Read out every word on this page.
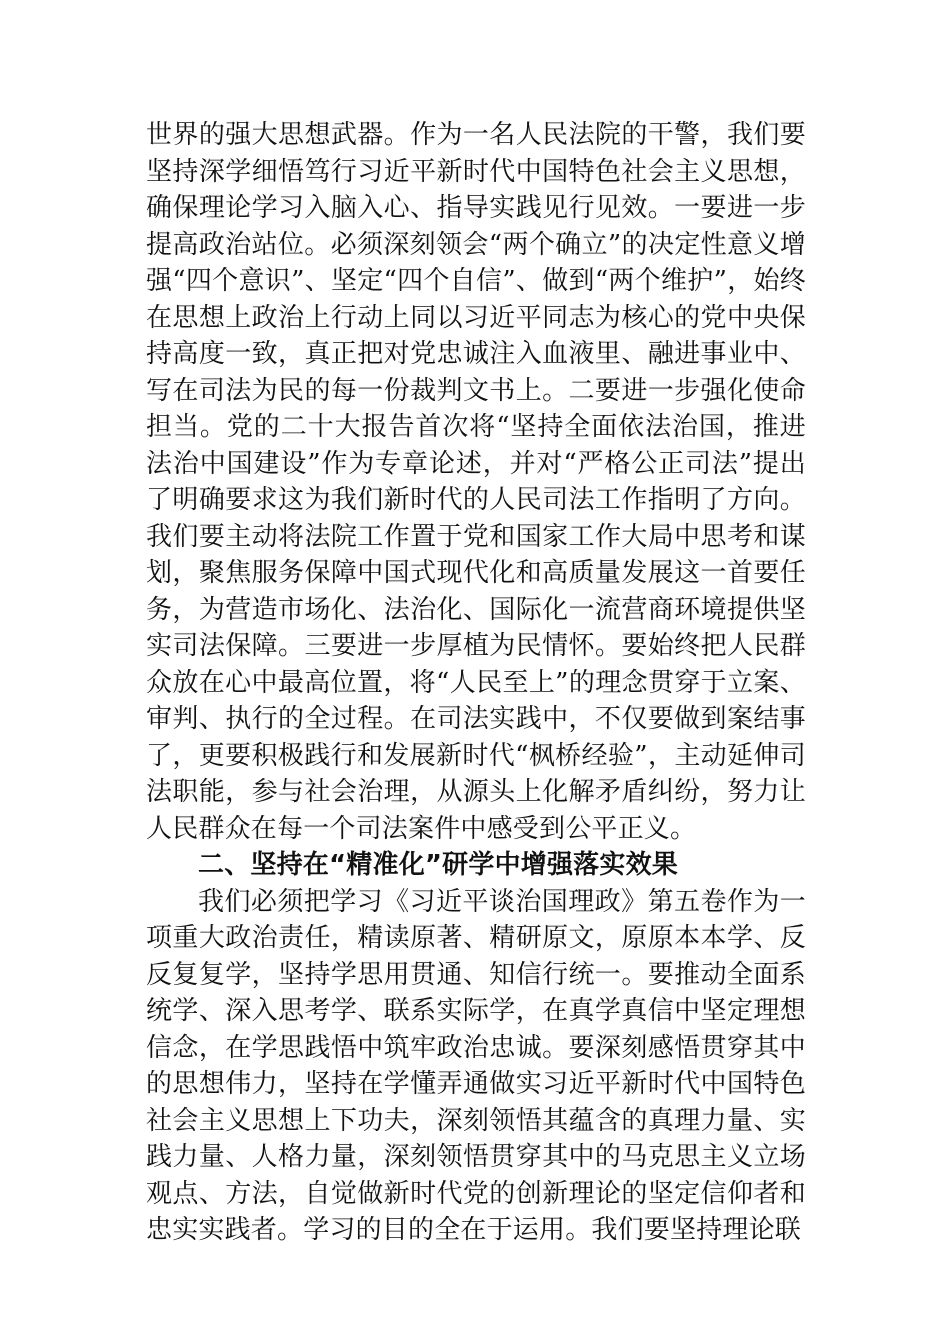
世界的强大思想武器。作为一名人民法院的干警，我们要坚持深学细悟笃行习近平新时代中国特色社会主义思想，确保理论学习入脑入心、指导实践见行见效。一要进一步提高政治站位。必须深刻领会“两个确立”的决定性意义增强“四个意识”、坚定“四个自信”、做到“两个维护”，始终在思想上政治上行动上同以习近平同志为核心的党中央保持高度一致，真正把对党忠诚注入血液里、融进事业中、写在司法为民的每一份裁判文书上。二要进一步强化使命担当。党的二十大报告首次将“坚持全面依法治国，推进法治中国建设”作为专章论述，并对“严格公正司法”提出了明确要求这为我们新时代的人民司法工作指明了方向。我们要主动将法院工作置于党和国家工作大局中思考和谋划，聚焦服务保障中国式现代化和高质量发展这一首要任务，为营造市场化、法治化、国际化一流营商环境提供坚实司法保障。三要进一步厚植为民情怀。要始终把人民群众放在心中最高位置，将“人民至上”的理念贯穿于立案、审判、执行的全过程。在司法实践中，不仅要做到案结事了，更要积极践行和发展新时代“枫桥经验”，主动延伸司法职能，参与社会治理，从源头上化解矛盾纠纷，努力让人民群众在每一个司法案件中感受到公平正义。

二、坚持在“精准化”研学中增强落实效果

我们必须把学习《习近平谈治国理政》第五卷作为一项重大政治责任，精读原著、精研原文，原原本本学、反反复复学，坚持学思用贯通、知信行统一。要推动全面系统学、深入思考学、联系实际学，在真学真信中坚定理想信念，在学思践悟中筑牢政治忠诚。要深刻感悟贯穿其中的思想伟力，坚持在学懂弄通做实习近平新时代中国特色社会主义思想上下功夫，深刻领悟其蕴含的真理力量、实践力量、人格力量，深刻领悟贯穿其中的马克思主义立场观点、方法，自觉做新时代党的创新理论的坚定信仰者和忠实实践者。学习的目的全在于运用。我们要坚持理论联
